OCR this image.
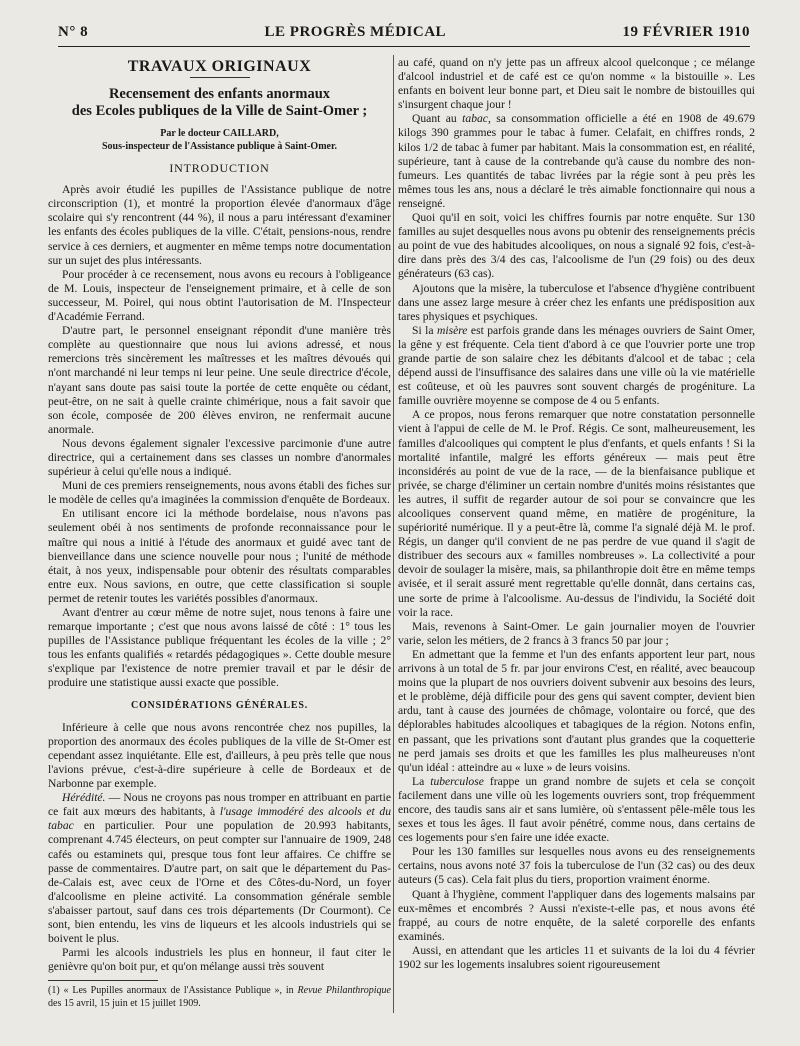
N° 8	LE PROGRÈS MÉDICAL	19 FÉVRIER 1910
TRAVAUX ORIGINAUX
Recensement des enfants anormaux
des Ecoles publiques de la Ville de Saint-Omer ;
Par le docteur CAILLARD,
Sous-inspecteur de l'Assistance publique à Saint-Omer.
INTRODUCTION

Après avoir étudié les pupilles de l'Assistance publique de notre circonscription (1), et montré la proportion élevée d'anormaux d'âge scolaire qui s'y rencontrent (44 %), il nous a paru intéressant d'examiner les enfants des écoles publiques de la ville. C'était, pensions-nous, rendre service à ces derniers, et augmenter en même temps notre documentation sur un sujet des plus intéressants.

Pour procéder à ce recensement, nous avons eu recours à l'obligeance de M. Louis, inspecteur de l'enseignement primaire, et à celle de son successeur, M. Poirel, qui nous obtint l'autorisation de M. l'Inspecteur d'Académie Ferrand.

D'autre part, le personnel enseignant répondit d'une manière très complète au questionnaire que nous lui avions adressé, et nous remercions très sincèrement les maîtresses et les maîtres dévoués qui n'ont marchandé ni leur temps ni leur peine. Une seule directrice d'école, n'ayant sans doute pas saisi toute la portée de cette enquête ou cédant, peut-être, on ne sait à quelle crainte chimérique, nous a fait savoir que son école, composée de 200 élèves environ, ne renfermait aucune anormale.

Nous devons également signaler l'excessive parcimonie d'une autre directrice, qui a certainement dans ses classes un nombre d'anormales supérieur à celui qu'elle nous a indiqué.

Muni de ces premiers renseignements, nous avons établi des fiches sur le modèle de celles qu'a imaginées la commission d'enquête de Bordeaux.

En utilisant encore ici la méthode bordelaise, nous n'avons pas seulement obéi à nos sentiments de profonde reconnaissance pour le maître qui nous a initié à l'étude des anormaux et guidé avec tant de bienveillance dans une science nouvelle pour nous ; l'unité de méthode était, à nos yeux, indispensable pour obtenir des résultats comparables entre eux. Nous savions, en outre, que cette classification si souple permet de retenir toutes les variétés possibles d'anormaux.

Avant d'entrer au cœur même de notre sujet, nous tenons à faire une remarque importante ; c'est que nous avons laissé de côté : 1° tous les pupilles de l'Assistance publique fréquentant les écoles de la ville ; 2° tous les enfants qualifiés « retardés pédagogiques ». Cette double mesure s'explique par l'existence de notre premier travail et par le désir de produire une statistique aussi exacte que possible.

CONSIDÉRATIONS GÉNÉRALES.

Inférieure à celle que nous avons rencontrée chez nos pupilles, la proportion des anormaux des écoles publiques de la ville de St-Omer est cependant assez inquiétante. Elle est, d'ailleurs, à peu près telle que nous l'avions prévue, c'est-à-dire supérieure à celle de Bordeaux et de Narbonne par exemple.

Hérédité. — Nous ne croyons pas nous tromper en attribuant en partie ce fait aux mœurs des habitants, à l'usage immodéré des alcools et du tabac en particulier. Pour une population de 20.993 habitants, comprenant 4.745 électeurs, on peut compter sur l'annuaire de 1909, 248 cafés ou estaminets qui, presque tous font leur affaires. Ce chiffre se passe de commentaires. D'autre part, on sait que le département du Pas-de-Calais est, avec ceux de l'Orne et des Côtes-du-Nord, un foyer d'alcoolisme en pleine activité. La consommation générale semble s'abaisser partout, sauf dans ces trois départements (Dr Courmont). Ce sont, bien entendu, les vins de liqueurs et les alcools industriels qui se boivent le plus.

Parmi les alcools industriels les plus en honneur, il faut citer le genièvre qu'on boit pur, et qu'on mélange aussi très souvent

(1) « Les Pupilles anormaux de l'Assistance Publique », in Revue Philanthropique des 15 avril, 15 juin et 15 juillet 1909.

au café, quand on n'y jette pas un affreux alcool quelconque ; ce mélange d'alcool industriel et de café est ce qu'on nomme « la bistouille ». Les enfants en boivent leur bonne part, et Dieu sait le nombre de bistouilles qui s'insurgent chaque jour !

Quant au tabac, sa consommation officielle a été en 1908 de 49.679 kilogs 390 grammes pour le tabac à fumer. Celafait, en chiffres ronds, 2 kilos 1/2 de tabac à fumer par habitant. Mais la consommation est, en réalité, supérieure, tant à cause de la contrebande qu'à cause du nombre des non-fumeurs. Les quantités de tabac livrées par la régie sont à peu près les mêmes tous les ans, nous a déclaré le très aimable fonctionnaire qui nous a renseigné.

Quoi qu'il en soit, voici les chiffres fournis par notre enquête. Sur 130 familles au sujet desquelles nous avons pu obtenir des renseignements précis au point de vue des habitudes alcooliques, on nous a signalé 92 fois, c'est-à-dire dans près des 3/4 des cas, l'alcoolisme de l'un (29 fois) ou des deux générateurs (63 cas).

Ajoutons que la misère, la tuberculose et l'absence d'hygiène contribuent dans une assez large mesure à créer chez les enfants une prédisposition aux tares physiques et psychiques.

Si la misère est parfois grande dans les ménages ouvriers de Saint Omer, la gêne y est fréquente. Cela tient d'abord à ce que l'ouvrier porte une trop grande partie de son salaire chez les débitants d'alcool et de tabac ; cela dépend aussi de l'insuffisance des salaires dans une ville où la vie matérielle est coûteuse, et où les pauvres sont souvent chargés de progéniture. La famille ouvrière moyenne se compose de 4 ou 5 enfants.

A ce propos, nous ferons remarquer que notre constatation personnelle vient à l'appui de celle de M. le Prof. Régis. Ce sont, malheureusement, les familles d'alcooliques qui comptent le plus d'enfants, et quels enfants ! Si la mortalité infantile, malgré les efforts généreux — mais peut être inconsidérés au point de vue de la race, — de la bienfaisance publique et privée, se charge d'éliminer un certain nombre d'unités moins résistantes que les autres, il suffit de regarder autour de soi pour se convaincre que les alcooliques conservent quand même, en matière de progéniture, la supériorité numérique. Il y a peut-être là, comme l'a signalé déjà M. le prof. Régis, un danger qu'il convient de ne pas perdre de vue quand il s'agit de distribuer des secours aux « familles nombreuses ». La collectivité a pour devoir de soulager la misère, mais, sa philanthropie doit être en même temps avisée, et il serait assuré ment regrettable qu'elle donnât, dans certains cas, une sorte de prime à l'alcoolisme. Au-dessus de l'individu, la Société doit voir la race.

Mais, revenons à Saint-Omer. Le gain journalier moyen de l'ouvrier varie, selon les métiers, de 2 francs à 3 francs 50 par jour ;

En admettant que la femme et l'un des enfants apportent leur part, nous arrivons à un total de 5 fr. par jour environs C'est, en réalité, avec beaucoup moins que la plupart de nos ouvriers doivent subvenir aux besoins des leurs, et le problème, déjà difficile pour des gens qui savent compter, devient bien ardu, tant à cause des journées de chômage, volontaire ou forcé, que des déplorables habitudes alcooliques et tabagiques de la région. Notons enfin, en passant, que les privations sont d'autant plus grandes que la coquetterie ne perd jamais ses droits et que les familles les plus malheureuses n'ont qu'un idéal : atteindre au « luxe » de leurs voisins.

La tuberculose frappe un grand nombre de sujets et cela se conçoit facilement dans une ville où les logements ouvriers sont, trop fréquemment encore, des taudis sans air et sans lumière, où s'entassent pêle-mêle tous les sexes et tous les âges. Il faut avoir pénétré, comme nous, dans certains de ces logements pour s'en faire une idée exacte.

Pour les 130 familles sur lesquelles nous avons eu des renseignements certains, nous avons noté 37 fois la tuberculose de l'un (32 cas) ou des deux auteurs (5 cas). Cela fait plus du tiers, proportion vraiment énorme.

Quant à l'hygiène, comment l'appliquer dans des logements malsains par eux-mêmes et encombrés ? Aussi n'existe-t-elle pas, et nous avons été frappé, au cours de notre enquête, de la saleté corporelle des enfants examinés.

Aussi, en attendant que les articles 11 et suivants de la loi du 4 février 1902 sur les logements insalubres soient rigoureusement
